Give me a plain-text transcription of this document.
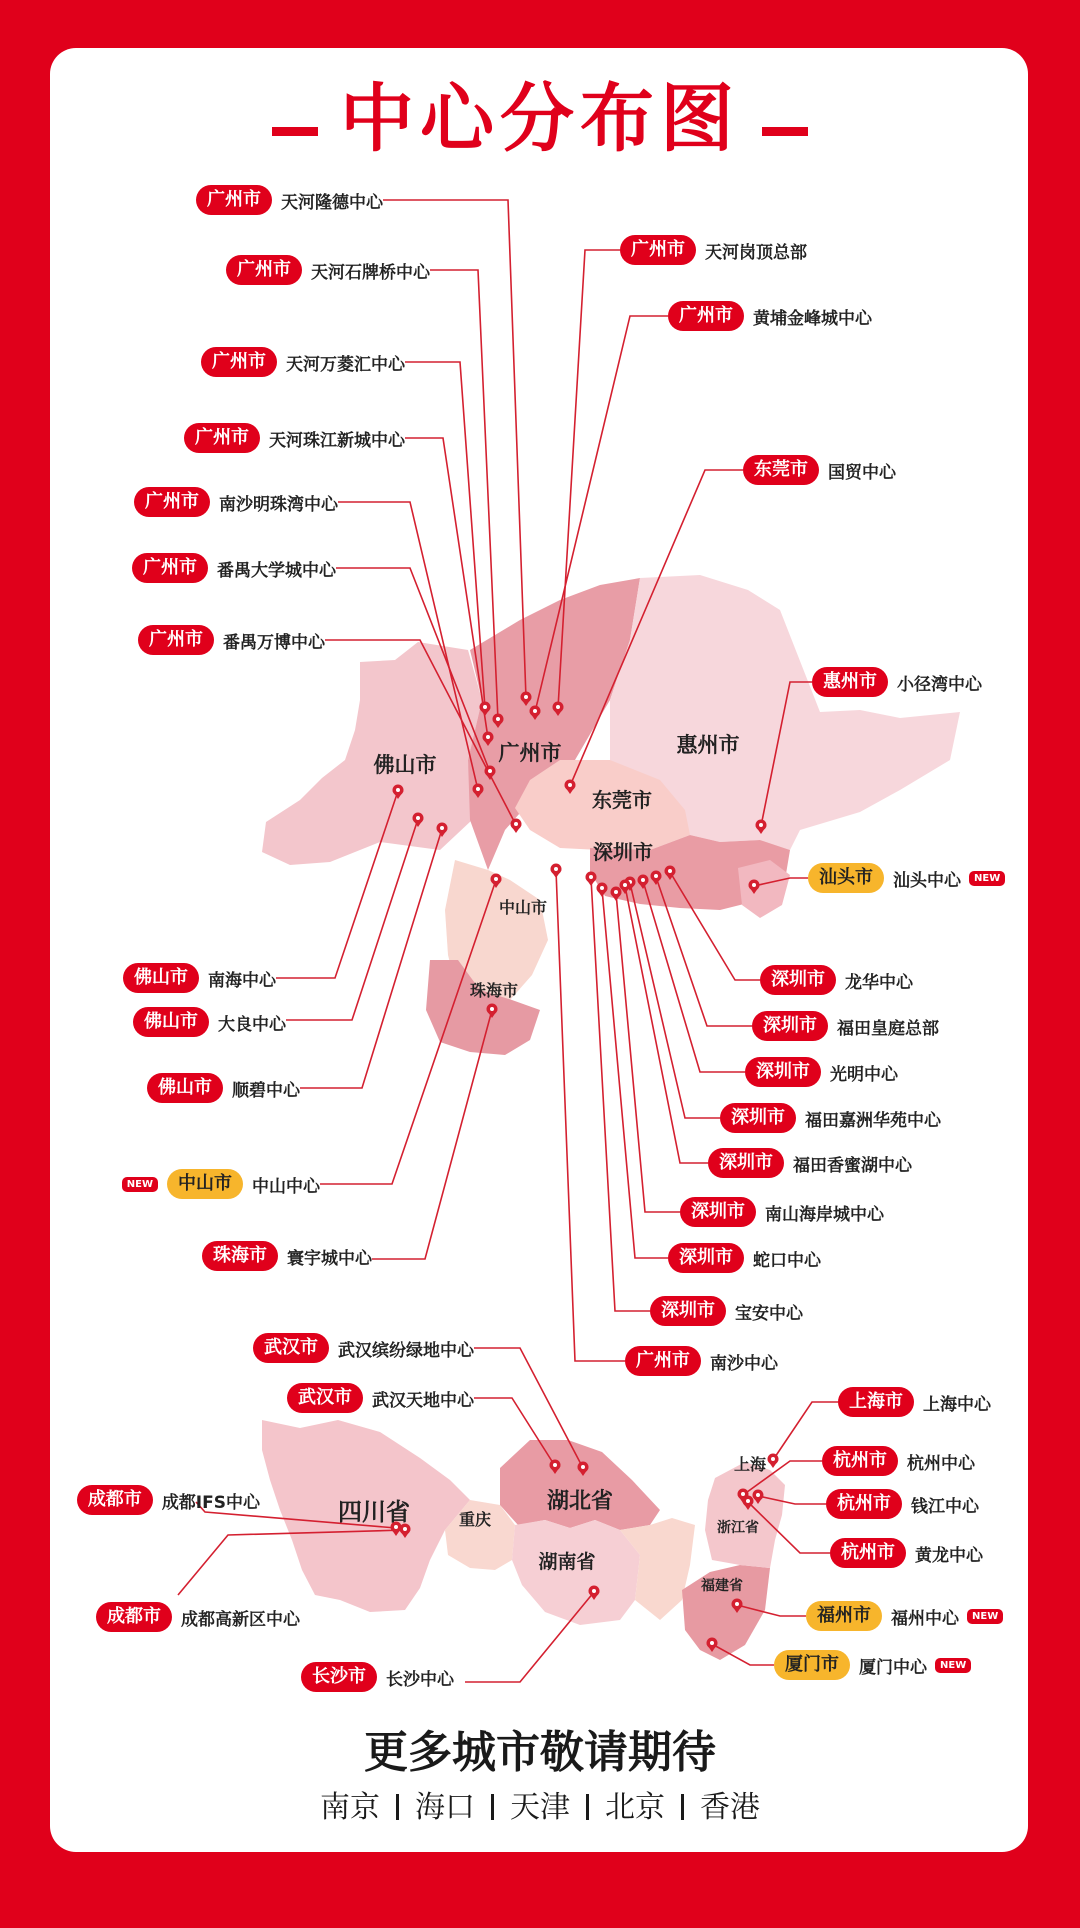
中心分布图
佛山市	广州市	惠州市
东莞市
深圳市
中山市
珠海市
四川省	重庆
湖北省
湖南省
上海
浙江省
福建省
广州市	天河隆德中心
广州市	天河石牌桥中心
广州市	天河万菱汇中心
广州市	天河珠江新城中心
广州市	南沙明珠湾中心
广州市	番禺大学城中心
广州市	番禺万博中心
广州市	天河岗顶总部
广州市	黄埔金峰城中心
东莞市	国贸中心
惠州市	小径湾中心
汕头市	汕头中心	NEW
佛山市	南海中心
佛山市	大良中心
佛山市	顺碧中心
NEW	中山市	中山中心
珠海市	寰宇城中心
深圳市	龙华中心
深圳市	福田皇庭总部
深圳市	光明中心
深圳市	福田嘉洲华苑中心
深圳市	福田香蜜湖中心
深圳市	南山海岸城中心
深圳市	蛇口中心
深圳市	宝安中心
广州市	南沙中心
武汉市	武汉缤纷绿地中心
武汉市	武汉天地中心
成都市	成都IFS中心
成都市	成都高新区中心
长沙市	长沙中心
上海市	上海中心
杭州市	杭州中心
杭州市	钱江中心
杭州市	黄龙中心
福州市	福州中心	NEW
厦门市	厦门中心	NEW
更多城市敬请期待
南京 海口 天津 北京 香港
